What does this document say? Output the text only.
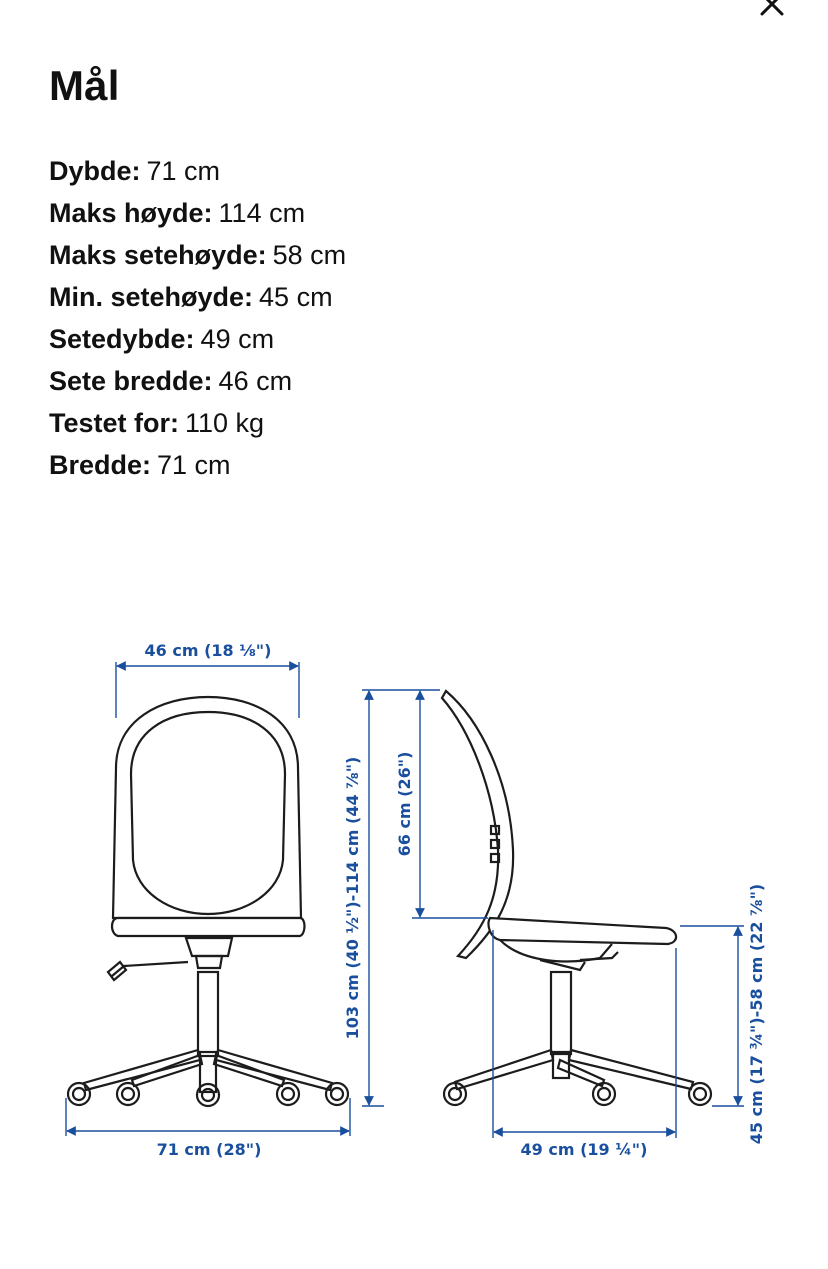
Mål
Dybde: 71 cm
Maks høyde: 114 cm
Maks setehøyde: 58 cm
Min. setehøyde: 45 cm
Setedybde: 49 cm
Sete bredde: 46 cm
Testet for: 110 kg
Bredde: 71 cm
46 cm (18 ⅛")
71 cm (28")
103 cm (40 ½")-114 cm (44 ⅞") 66 cm (26")
49 cm (19 ¼")
45 cm (17 ¾")-58 cm (22 ⅞")
